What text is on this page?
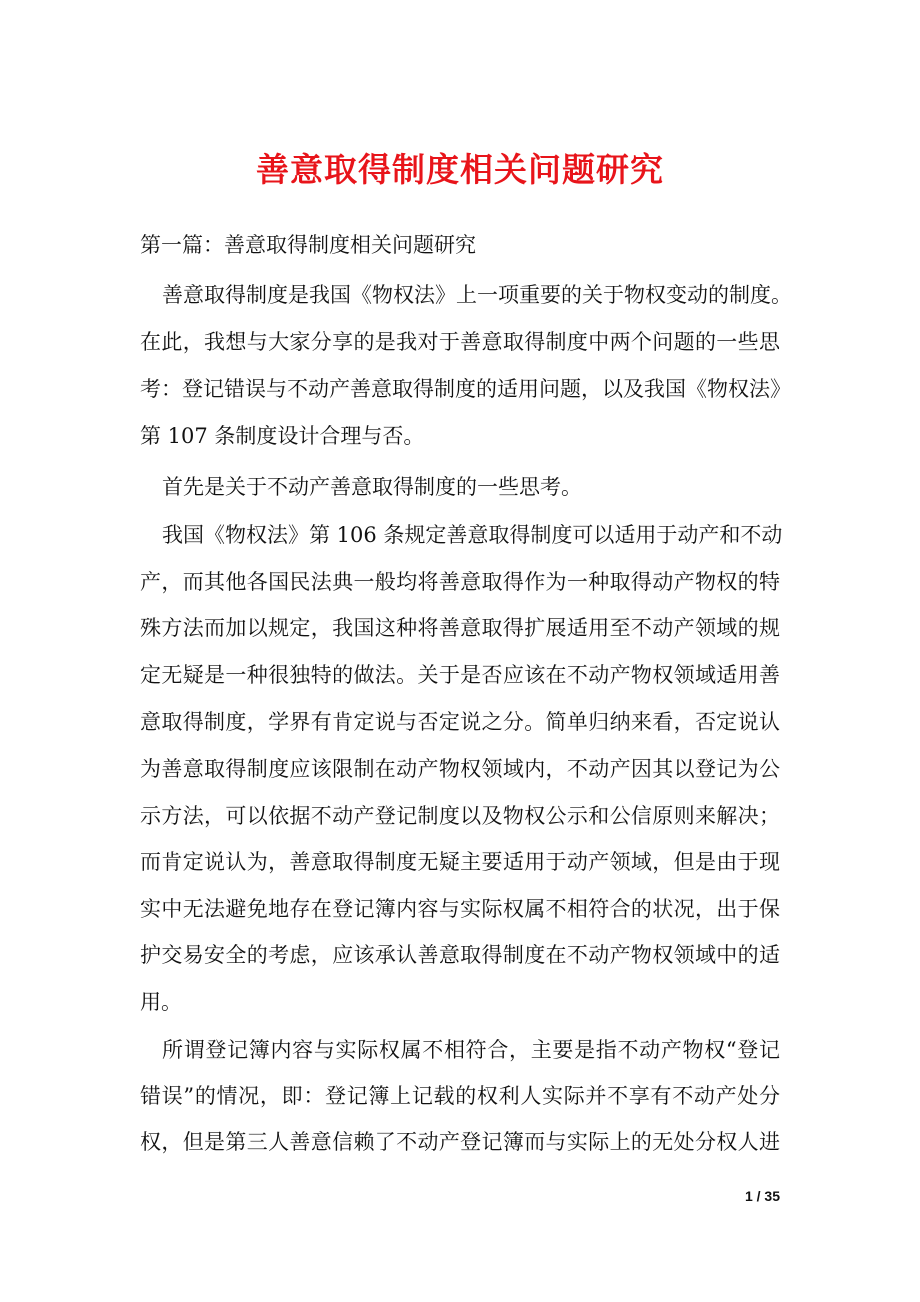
善意取得制度相关问题研究
第一篇：善意取得制度相关问题研究
善意取得制度是我国《物权法》上一项重要的关于物权变动的制度。
在此，我想与大家分享的是我对于善意取得制度中两个问题的一些思
考：登记错误与不动产善意取得制度的适用问题，以及我国《物权法》
第 107 条制度设计合理与否。
首先是关于不动产善意取得制度的一些思考。
我国《物权法》第 106 条规定善意取得制度可以适用于动产和不动
产，而其他各国民法典一般均将善意取得作为一种取得动产物权的特
殊方法而加以规定，我国这种将善意取得扩展适用至不动产领域的规
定无疑是一种很独特的做法。关于是否应该在不动产物权领域适用善
意取得制度，学界有肯定说与否定说之分。简单归纳来看，否定说认
为善意取得制度应该限制在动产物权领域内，不动产因其以登记为公
示方法，可以依据不动产登记制度以及物权公示和公信原则来解决；
而肯定说认为，善意取得制度无疑主要适用于动产领域，但是由于现
实中无法避免地存在登记簿内容与实际权属不相符合的状况，出于保
护交易安全的考虑，应该承认善意取得制度在不动产物权领域中的适
用。
所谓登记簿内容与实际权属不相符合，主要是指不动产物权“登记
错误”的情况，即：登记簿上记载的权利人实际并不享有不动产处分
权，但是第三人善意信赖了不动产登记簿而与实际上的无处分权人进
1 / 35
